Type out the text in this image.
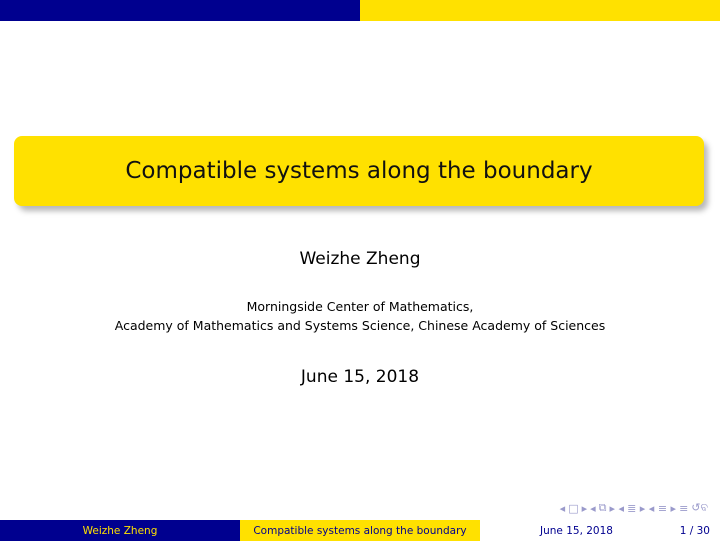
Compatible systems along the boundary
Weizhe Zheng
Morningside Center of Mathematics,
Academy of Mathematics and Systems Science, Chinese Academy of Sciences
June 15, 2018
◂ □ ▸ ◂ ⧉ ▸ ◂ ≣ ▸ ◂ ≡ ▸ ≡ ↺ବ
Weizhe Zheng	Compatible systems along the boundary	June 15, 2018	1 / 30
